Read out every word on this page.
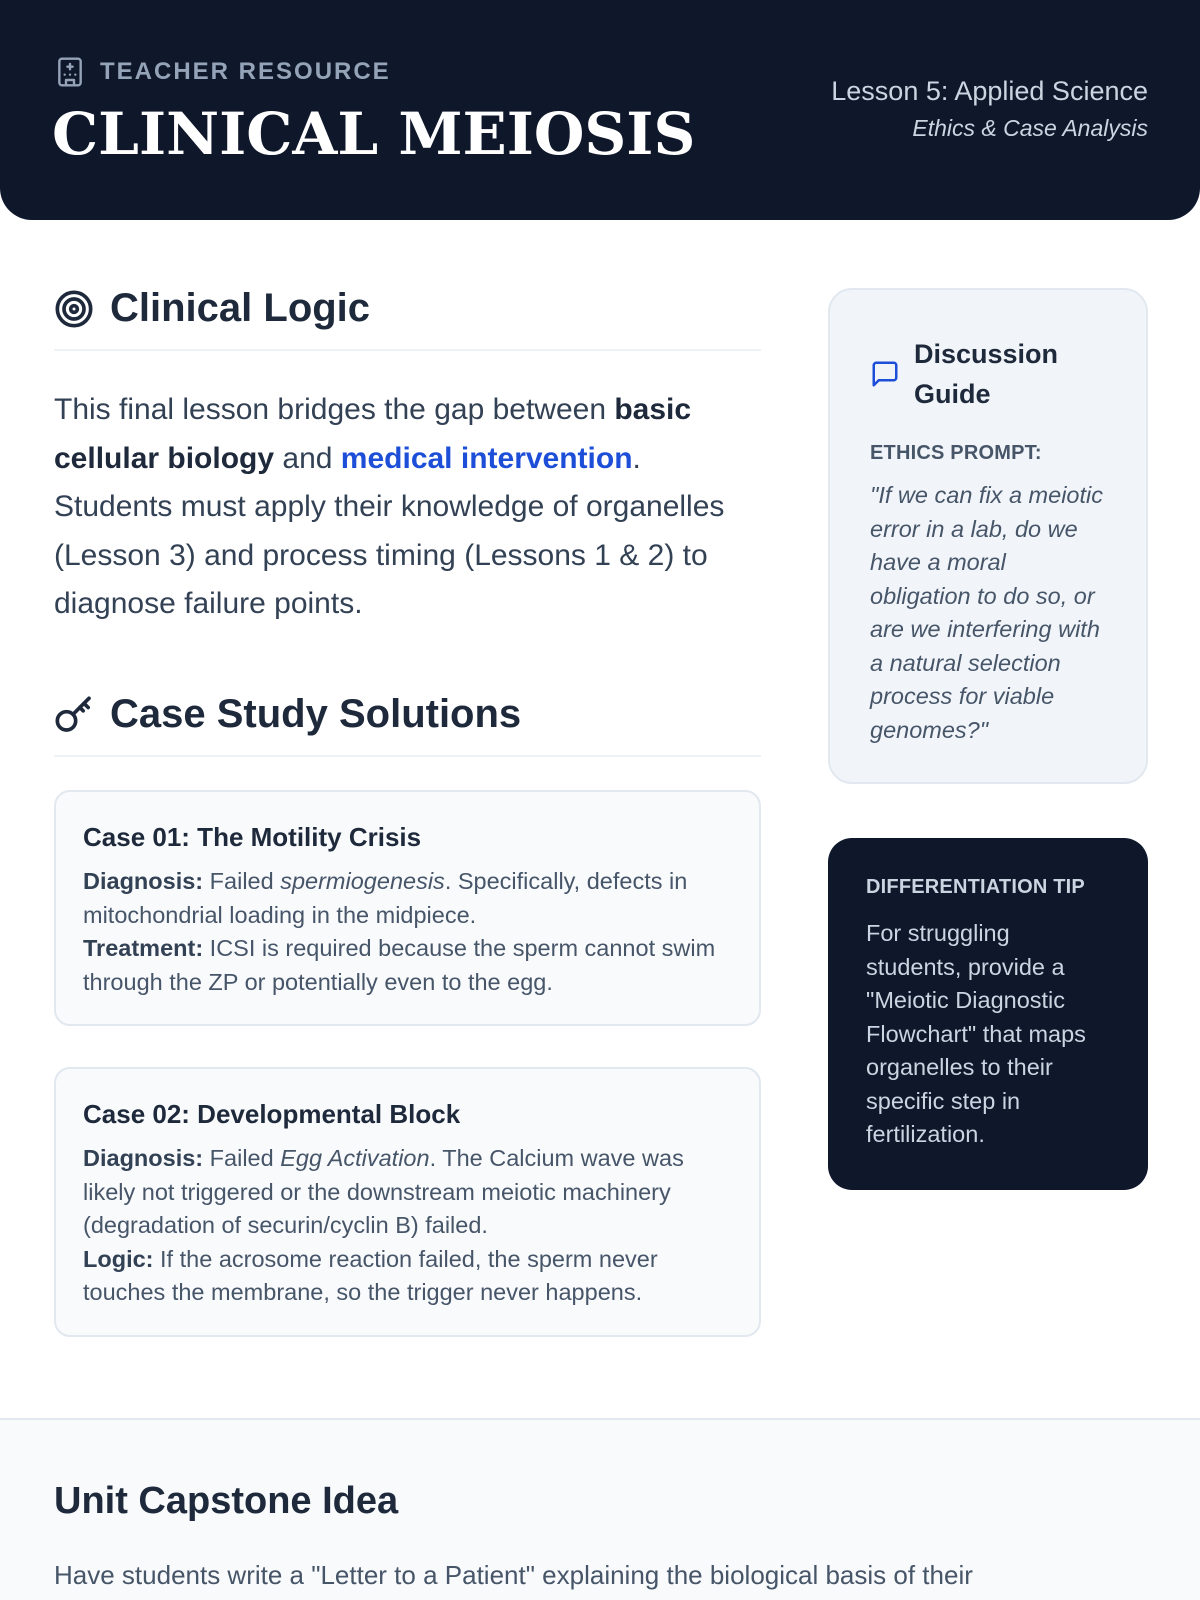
TEACHER RESOURCE
CLINICAL MEIOSIS
Lesson 5: Applied Science
Ethics & Case Analysis
Clinical Logic

This final lesson bridges the gap between basic cellular biology and medical intervention. Students must apply their knowledge of organelles (Lesson 3) and process timing (Lessons 1 & 2) to diagnose failure points.

Case Study Solutions
Case 01: The Motility Crisis

Diagnosis: Failed spermiogenesis. Specifically, defects in mitochondrial loading in the midpiece.

Treatment: ICSI is required because the sperm cannot swim through the ZP or potentially even to the egg.

Case 02: Developmental Block

Diagnosis: Failed Egg Activation. The Calcium wave was likely not triggered or the downstream meiotic machinery (degradation of securin/cyclin B) failed.

Logic: If the acrosome reaction failed, the sperm never touches the membrane, so the trigger never happens.

Discussion Guide
ETHICS PROMPT:

"If we can fix a meiotic error in a lab, do we have a moral obligation to do so, or are we interfering with a natural selection process for viable genomes?"

DIFFERENTIATION TIP

For struggling students, provide a "Meiotic Diagnostic Flowchart" that maps organelles to their specific step in fertilization.

Unit Capstone Idea

Have students write a "Letter to a Patient" explaining the biological basis of their
